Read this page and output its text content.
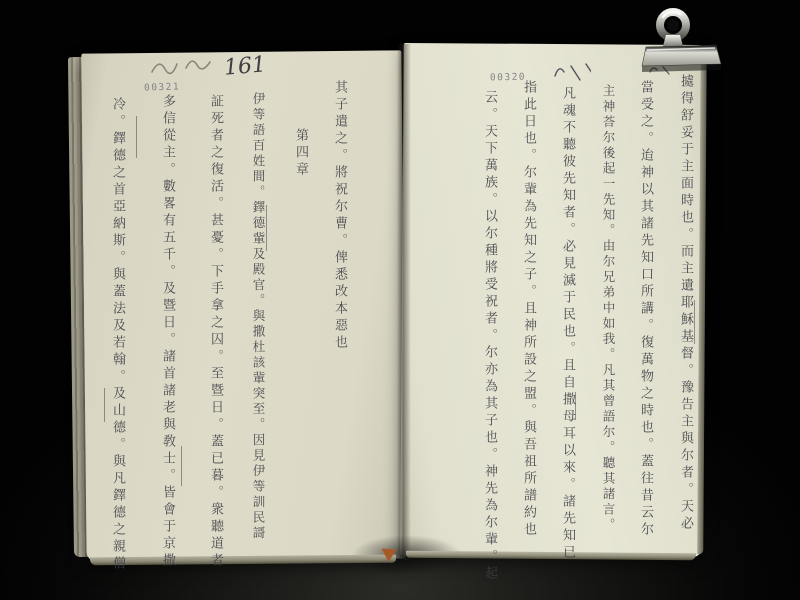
00321
00320
161
其子遣之。將祝尔曹。俾悉改本惡也
第四章
伊等語百姓間。鐸德軰及殿官。與撒杜該軰突至。因見伊等訓民謌
証死者之復活。甚憂。下手拿之囚。至暨日。蓋已暮。衆聽道者
多信從主。數畧有五千。及暨日。諸首諸老與敎士。皆會于京撒
冷。鐸德之首亞納斯。與蓋法及若翰。及山德。與凡鐸德之親僧	㨿得舒妥于主面時也。而主遺耶穌基督。豫告主與尔者。天必
當受之。迨神以其諸先知口所講。復萬物之時也。蓋往昔云尔
主神荅尔後起一先知。由尔兄弟中如我。凡其曾語尔。聽其諸言。
凡魂不聽彼先知者。必見滅于民也。且自撒母耳以來。諸先知已
指此日也。尔軰為先知之子。且神所設之盟。與吾祖所譜約也
云。天下萬族。以尔種將受祝者。尔亦為其子也。神先為尔軰。起
